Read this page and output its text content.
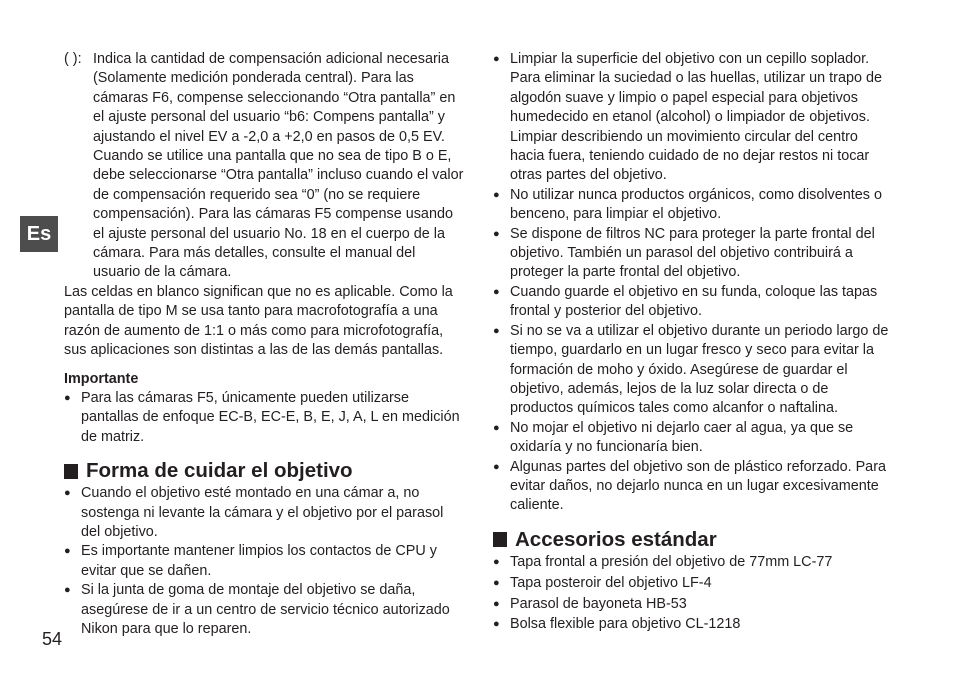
Es
54
( ): Indica la cantidad de compensación adicional necesaria (Solamente medición ponderada central). Para las cámaras F6, compense seleccionando “Otra pantalla” en el ajuste personal del usuario “b6: Compens pantalla” y ajustando el nivel EV a -2,0 a +2,0 en pasos de 0,5 EV. Cuando se utilice una pantalla que no sea de tipo B o E, debe seleccionarse “Otra pantalla” incluso cuando el valor de compensación requerido sea “0” (no se requiere compensación). Para las cámaras F5 compense usando el ajuste personal del usuario No. 18 en el cuerpo de la cámara. Para más detalles, consulte el manual del usuario de la cámara.

Las celdas en blanco significan que no es aplicable. Como la pantalla de tipo M se usa tanto para macrofotografía a una razón de aumento de 1:1 o más como para microfotografía, sus aplicaciones son distintas a las de las demás pantallas.

Importante

● Para las cámaras F5, únicamente pueden utilizarse pantallas de enfoque EC-B, EC-E, B, E, J, A, L en medición de matriz.
Forma de cuidar el objetivo
● Cuando el objetivo esté montado en una cámar a, no sostenga ni levante la cámara y el objetivo por el parasol del objetivo.
● Es importante mantener limpios los contactos de CPU y evitar que se dañen.
● Si la junta de goma de montaje del objetivo se daña, asegúrese de ir a un centro de servicio técnico autorizado Nikon para que lo reparen.
● Limpiar la superficie del objetivo con un cepillo soplador. Para eliminar la suciedad o las huellas, utilizar un trapo de algodón suave y limpio o papel especial para objetivos humedecido en etanol (alcohol) o limpiador de objetivos. Limpiar describiendo un movimiento circular del centro hacia fuera, teniendo cuidado de no dejar restos ni tocar otras partes del objetivo.
● No utilizar nunca productos orgánicos, como disolventes o benceno, para limpiar el objetivo.
● Se dispone de filtros NC para proteger la parte frontal del objetivo. También un parasol del objetivo contribuirá a proteger la parte frontal del objetivo.
● Cuando guarde el objetivo en su funda, coloque las tapas frontal y posterior del objetivo.
● Si no se va a utilizar el objetivo durante un periodo largo de tiempo, guardarlo en un lugar fresco y seco para evitar la formación de moho y óxido. Asegúrese de guardar el objetivo, además, lejos de la luz solar directa o de productos químicos tales como alcanfor o naftalina.
● No mojar el objetivo ni dejarlo caer al agua, ya que se oxidaría y no funcionaría bien.
● Algunas partes del objetivo son de plástico reforzado. Para evitar daños, no dejarlo nunca en un lugar excesivamente caliente.
Accesorios estándar
● Tapa frontal a presión del objetivo de 77mm LC-77
● Tapa posteroir del objetivo LF-4
● Parasol de bayoneta HB-53
● Bolsa flexible para objetivo CL-1218
